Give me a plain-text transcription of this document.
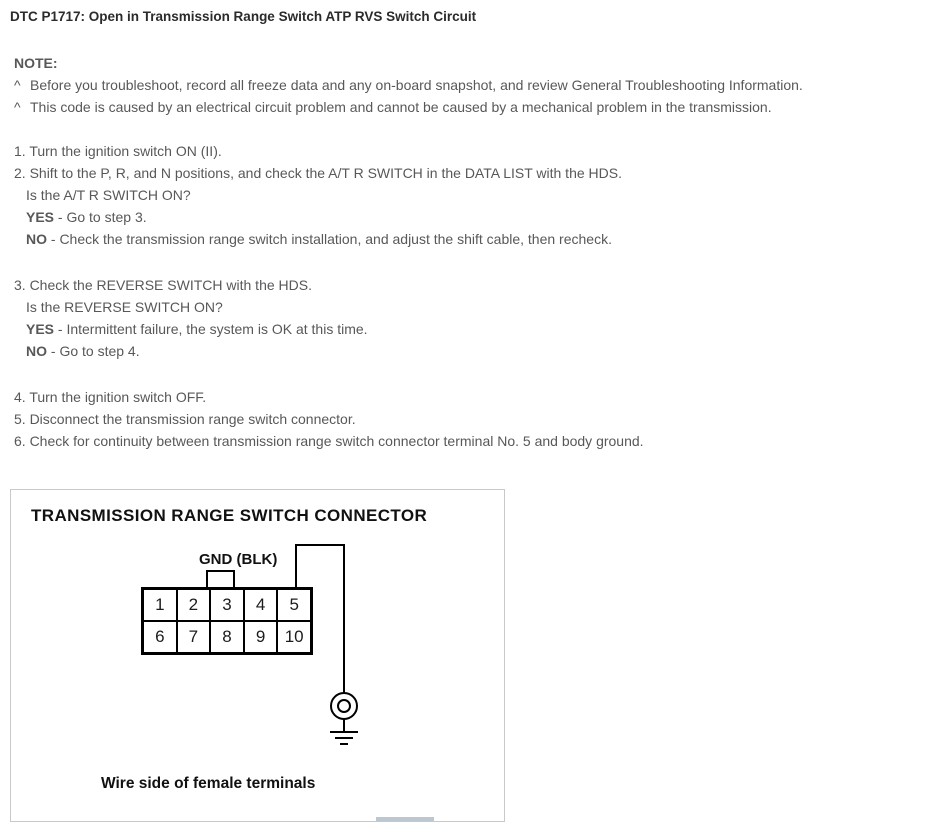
DTC P1717: Open in Transmission Range Switch ATP RVS Switch Circuit
NOTE:
^ Before you troubleshoot, record all freeze data and any on-board snapshot, and review General Troubleshooting Information.
^ This code is caused by an electrical circuit problem and cannot be caused by a mechanical problem in the transmission.
1. Turn the ignition switch ON (II).
2. Shift to the P, R, and N positions, and check the A/T R SWITCH in the DATA LIST with the HDS.
Is the A/T R SWITCH ON?
YES - Go to step 3.
NO - Check the transmission range switch installation, and adjust the shift cable, then recheck.
3. Check the REVERSE SWITCH with the HDS.
Is the REVERSE SWITCH ON?
YES - Intermittent failure, the system is OK at this time.
NO - Go to step 4.
4. Turn the ignition switch OFF.
5. Disconnect the transmission range switch connector.
6. Check for continuity between transmission range switch connector terminal No. 5 and body ground.
TRANSMISSION RANGE SWITCH CONNECTOR
GND (BLK)
1	2	3	4	5
6	7	8	9	10
Wire side of female terminals
